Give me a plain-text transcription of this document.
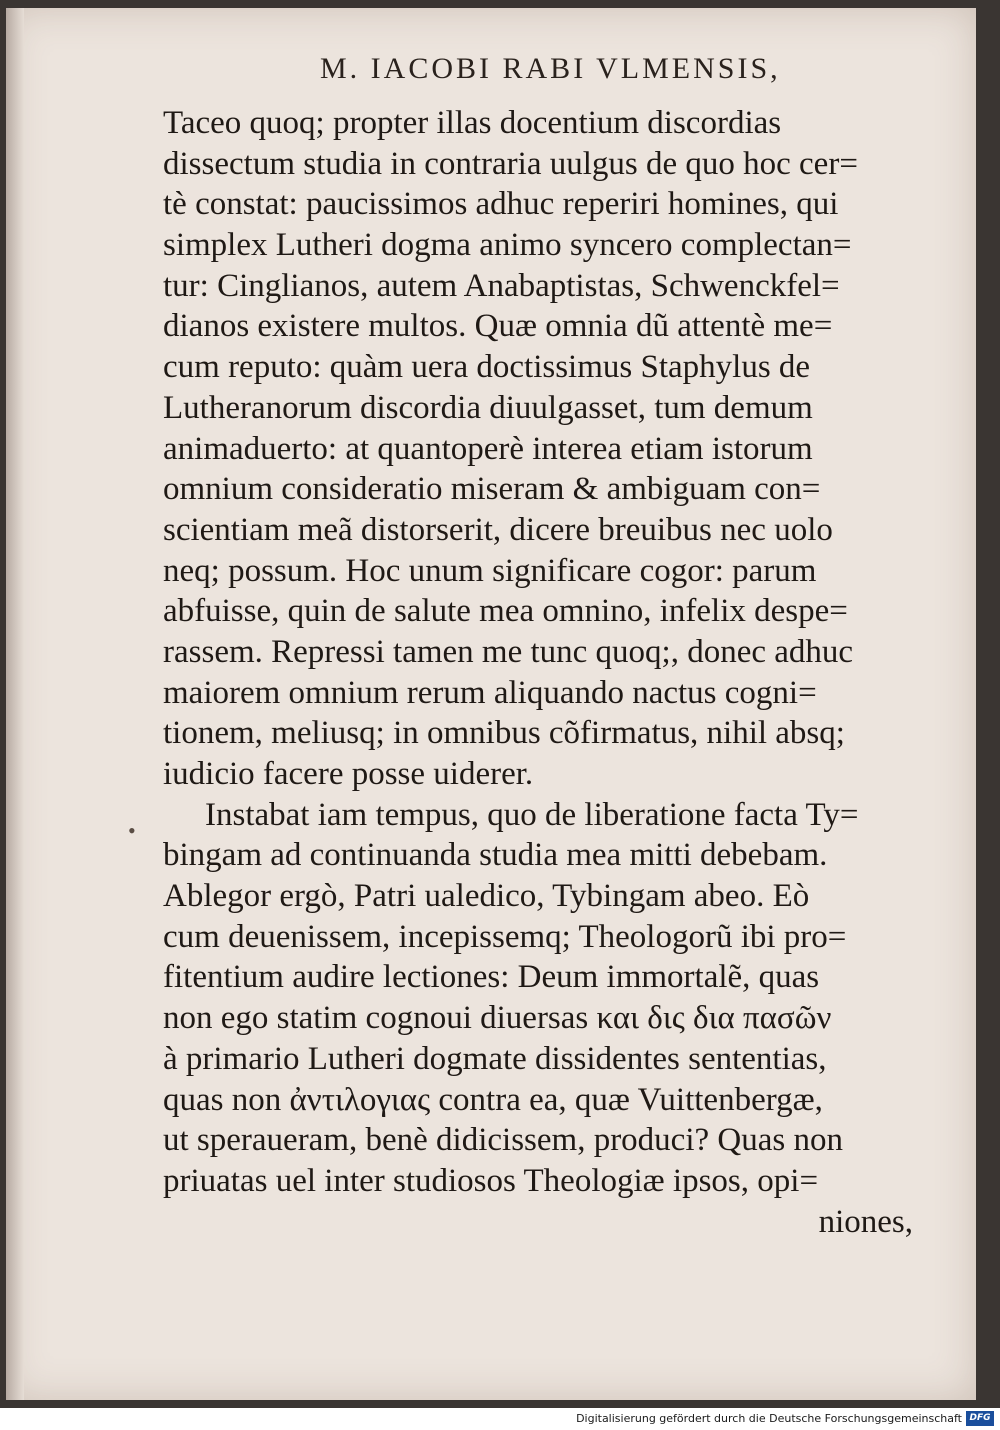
M. IACOBI RABI VLMENSIS,
•
Taceo quoq; propter illas docentium discordias
dissectum studia in contraria uulgus de quo hoc cer=
tè constat: paucissimos adhuc reperiri homines, qui
simplex Lutheri dogma animo syncero complectan=
tur: Cinglianos, autem Anabaptistas, Schwenckfel=
dianos existere multos. Quæ omnia dũ attentè me=
cum reputo: quàm uera doctissimus Staphylus de
Lutheranorum discordia diuulgasset, tum demum
animaduerto: at quantoperè interea etiam istorum
omnium consideratio miseram & ambiguam con=
scientiam meã distorserit, dicere breuibus nec uolo
neq; possum. Hoc unum significare cogor: parum
abfuisse, quin de salute mea omnino, infelix despe=
rassem. Repressi tamen me tunc quoq;, donec adhuc
maiorem omnium rerum aliquando nactus cogni=
tionem, meliusq; in omnibus cõfirmatus, nihil absq;
iudicio facere posse uiderer.
Instabat iam tempus, quo de liberatione facta Ty=
bingam ad continuanda studia mea mitti debebam.
Ablegor ergò, Patri ualedico, Tybingam abeo. Eò
cum deuenissem, incepissemq; Theologorũ ibi pro=
fitentium audire lectiones: Deum immortalẽ, quas
non ego statim cognoui diuersas και δις δια πασῶν
à primario Lutheri dogmate dissidentes sententias,
quas non ἀντιλογιας contra ea, quæ Vuittenbergæ,
ut speraueram, benè didicissem, produci? Quas non
priuatas uel inter studiosos Theologiæ ipsos, opi=
niones,
Digitalisierung gefördert durch die Deutsche Forschungsgemeinschaft DFG
